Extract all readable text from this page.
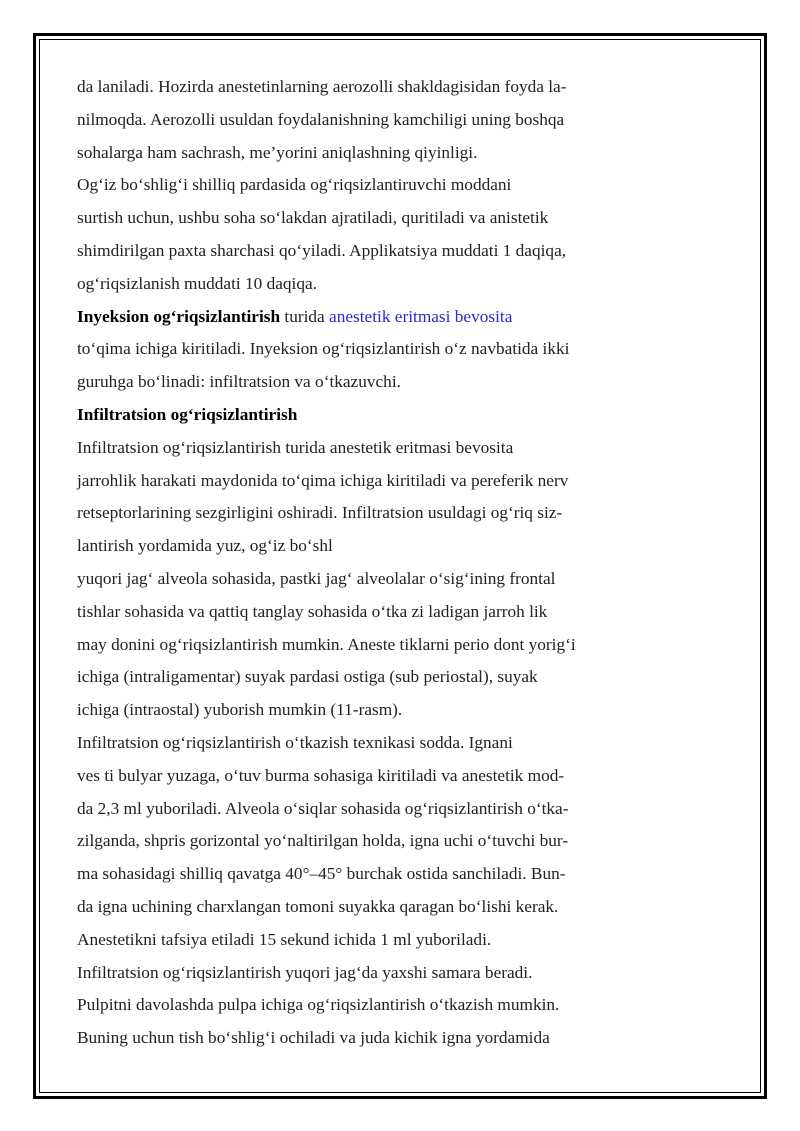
da laniladi. Hozirda anestetinlarning aerozolli shakldagisidan foyda la-
nilmoqda. Aerozolli usuldan foydalanishning kamchiligi uning boshqa
sohalarga ham sachrash, me’yorini aniqlashning qiyinligi.
Og‘iz bo‘shlig‘i shilliq pardasida og‘riqsizlantiruvchi moddani
surtish uchun, ushbu soha so‘lakdan ajratiladi, quritiladi va anistetik
shimdirilgan paxta sharchasi qo‘yiladi. Applikatsiya muddati 1 daqiqa,
og‘riqsizlanish muddati 10 daqiqa.
Inyeksion og‘riqsizlantirish turida anestetik eritmasi bevosita
to‘qima ichiga kiritiladi. Inyeksion og‘riqsizlantirish o‘z navbatida ikki
guruhga bo‘linadi: infiltratsion va o‘tkazuvchi.
Infiltratsion og‘riqsizlantirish
Infiltratsion og‘riqsizlantirish turida anestetik eritmasi bevosita
jarrohlik harakati maydonida to‘qima ichiga kiritiladi va pereferik nerv
retseptorlarining sezgirligini oshiradi. Infiltratsion usuldagi og‘riq siz-
lantirish yordamida yuz, og‘iz bo‘shl
yuqori jag‘ alveola sohasida, pastki jag‘ alveolalar o‘sig‘ining frontal
tishlar sohasida va qattiq tanglay sohasida o‘tka zi ladigan jarroh lik
may donini og‘riqsizlantirish mumkin. Aneste tiklarni perio dont yorig‘i
ichiga (intraligamentar) suyak pardasi ostiga (sub periostal), suyak
ichiga (intraostal) yuborish mumkin (11-rasm).
Infiltratsion og‘riqsizlantirish o‘tkazish texnikasi sodda. Ignani
ves ti bulyar yuzaga, o‘tuv burma sohasiga kiritiladi va anestetik mod-
da 2,3 ml yuboriladi. Alveola o‘siqlar sohasida og‘riqsizlantirish o‘tka-
zilganda, shpris gorizontal yo‘naltirilgan holda, igna uchi o‘tuvchi bur-
ma sohasidagi shilliq qavatga 40°–45° burchak ostida sanchiladi. Bun-
da igna uchining charxlangan tomoni suyakka qaragan bo‘lishi kerak.
Anestetikni tafsiya etiladi 15 sekund ichida 1 ml yuboriladi.
Infiltratsion og‘riqsizlantirish yuqori jag‘da yaxshi samara beradi.
Pulpitni davolashda pulpa ichiga og‘riqsizlantirish o‘tkazish mumkin.
Buning uchun tish bo‘shlig‘i ochiladi va juda kichik igna yordamida
